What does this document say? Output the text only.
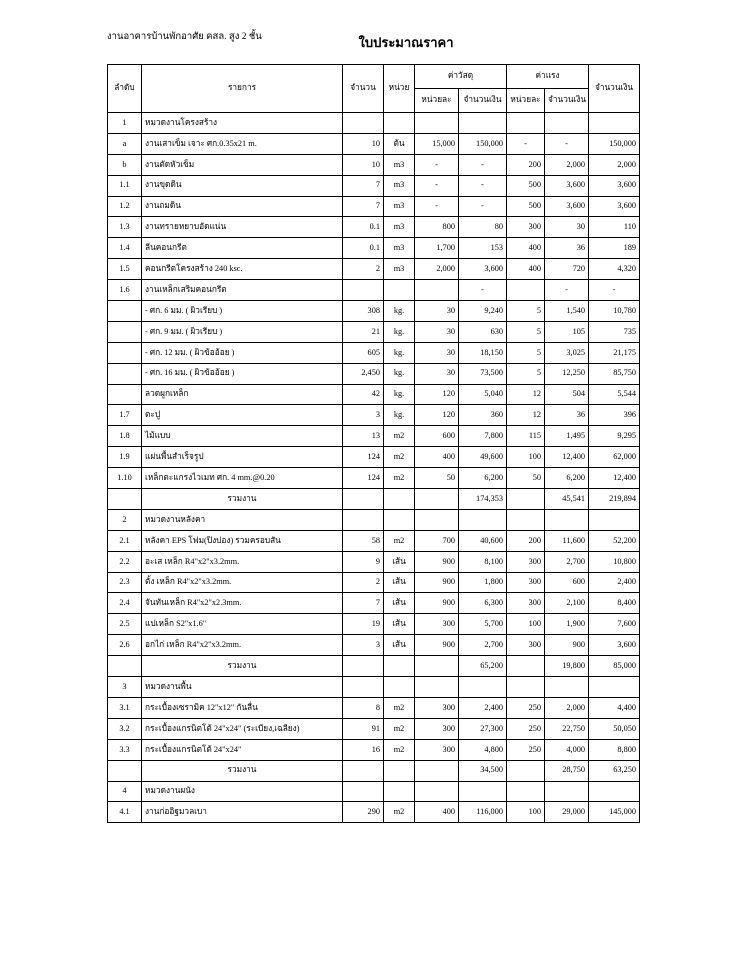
งานอาคารบ้านพักอาศัย คสล. สูง 2 ชั้น	ใบประมาณราคา
ลำดับ	รายการ	จำนวน	หน่วย	ค่าวัสดุ		ค่าแรง		จำนวนเงิน
				หน่วยละ	จำนวนเงิน	หน่วยละ	จำนวนเงิน	
1	หมวดงานโครงสร้าง							
a	งานเสาเข็ม เจาะ ศก.0.35x21 m.	10	ต้น	15,000	150,000	-	-	150,000
b	งานตัดหัวเข็ม	10	m3	-	-	200	2,000	2,000
1.1	งานขุดดิน	7	m3	-	-	500	3,600	3,600
1.2	งานถมดิน	7	m3	-	-	500	3,600	3,600
1.3	งานทรายหยาบอัดแน่น	0.1	m3	800	80	300	30	110
1.4	ลีนคอนกรีต	0.1	m3	1,700	153	400	36	189
1.5	คอนกรีตโครงสร้าง 240 ksc.	2	m3	2,000	3,600	400	720	4,320
1.6	งานเหล็กเสริมคอนกรีต				-		-	-
	- ศก. 6 มม. ( ผิวเรียบ )	308	kg.	30	9,240	5	1,540	10,780
	- ศก. 9 มม. ( ผิวเรียบ )	21	kg.	30	630	5	105	735
	- ศก. 12 มม. ( ผิวข้ออ้อย )	605	kg.	30	18,150	5	3,025	21,175
	- ศก. 16 มม. ( ผิวข้ออ้อย )	2,450	kg.	30	73,500	5	12,250	85,750
	ลวดผูกเหล็ก	42	kg.	120	5,040	12	504	5,544
1.7	ตะปู	3	kg.	120	360	12	36	396
1.8	ไม้แบบ	13	m2	600	7,800	115	1,495	9,295
1.9	แผ่นพื้นสำเร็จรูป	124	m2	400	49,600	100	12,400	62,000
1.10	เหล็กตะแกรงไวเมท ศก. 4 mm.@0.20	124	m2	50	6,200	50	6,200	12,400
	รวมงาน				174,353		45,541	219,894
2	หมวดงานหลังคา							
2.1	หลังคา EPS โฟม(ปิงปอง) รวมครอบสัน	58	m2	700	40,600	200	11,600	52,200
2.2	อะเส เหล็ก R4"x2"x3.2mm.	9	เส้น	900	8,100	300	2,700	10,800
2.3	ตั้ง เหล็ก R4"x2"x3.2mm.	2	เส้น	900	1,800	300	600	2,400
2.4	จันทันเหล็ก R4"x2"x2.3mm.	7	เส้น	900	6,300	300	2,100	8,400
2.5	แปเหล็ก S2"x1.6"	19	เส้น	300	5,700	100	1,900	7,600
2.6	อกไก่ เหล็ก R4"x2"x3.2mm.	3	เส้น	900	2,700	300	900	3,600
	รวมงาน				65,200		19,800	85,000
3	หมวดงานพื้น							
3.1	กระเบื้องเซรามิค 12"x12" กันลื่น	8	m2	300	2,400	250	2,000	4,400
3.2	กระเบื้องแกรนิตโต้ 24"x24" (ระเบียง,เฉลียง)	91	m2	300	27,300	250	22,750	50,050
3.3	กระเบื้องแกรนิตโต้ 24"x24"	16	m2	300	4,800	250	4,000	8,800
	รวมงาน				34,500		28,750	63,250
4	หมวดงานผนัง							
4.1	งานก่ออิฐมวลเบา	290	m2	400	116,000	100	29,000	145,000
